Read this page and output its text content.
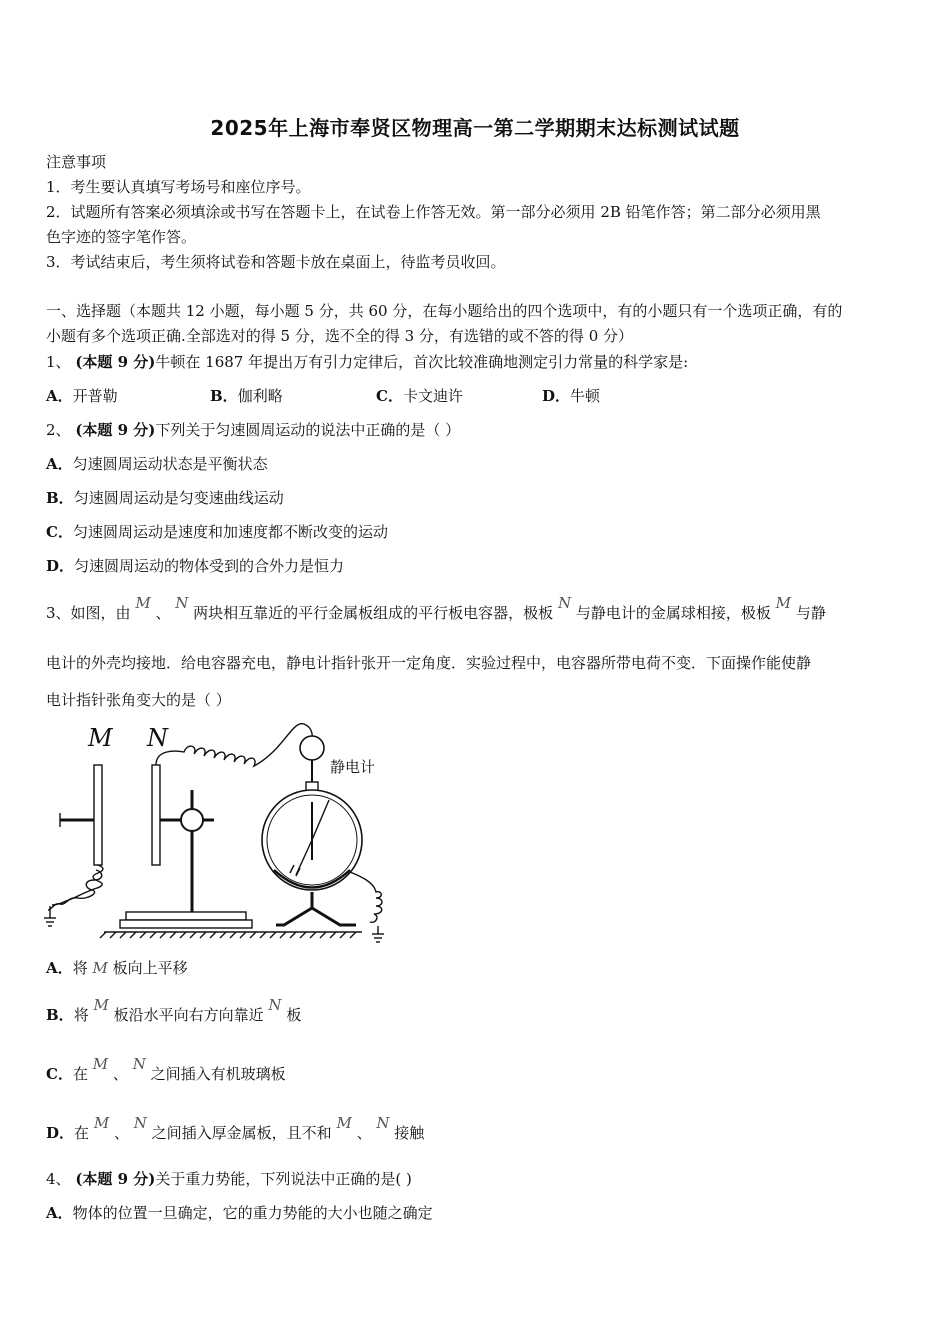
2025年上海市奉贤区物理高一第二学期期末达标测试试题
注意事项
1．考生要认真填写考场号和座位序号。
2．试题所有答案必须填涂或书写在答题卡上，在试卷上作答无效。第一部分必须用 2B 铅笔作答；第二部分必须用黑
色字迹的签字笔作答。
3．考试结束后，考生须将试卷和答题卡放在桌面上，待监考员收回。
一、选择题（本题共 12 小题，每小题 5 分，共 60 分，在每小题给出的四个选项中，有的小题只有一个选项正确，有的
小题有多个选项正确.全部选对的得 5 分，选不全的得 3 分，有选错的或不答的得 0 分）
1、 (本题 9 分)牛顿在 1687 年提出万有引力定律后，首次比较准确地测定引力常量的科学家是:
A．开普勒	B．伽利略	C．卡文迪许	D．牛顿
2、 (本题 9 分)下列关于匀速圆周运动的说法中正确的是（ ）
A．匀速圆周运动状态是平衡状态
B．匀速圆周运动是匀变速曲线运动
C．匀速圆周运动是速度和加速度都不断改变的运动
D．匀速圆周运动的物体受到的合外力是恒力
3、如图，由 M 、 N 两块相互靠近的平行金属板组成的平行板电容器，极板 N 与静电计的金属球相接，极板 M 与静
电计的外壳均接地．给电容器充电，静电计指针张开一定角度．实验过程中，电容器所带电荷不变．下面操作能使静
电计指针张角变大的是（ ）
M N
静电计
A．将 M 板向上平移
B．将 M 板沿水平向右方向靠近 N 板
C．在 M 、 N 之间插入有机玻璃板
D．在 M 、 N 之间插入厚金属板，且不和 M 、 N 接触
4、 (本题 9 分)关于重力势能，下列说法中正确的是( )
A．物体的位置一旦确定，它的重力势能的大小也随之确定
